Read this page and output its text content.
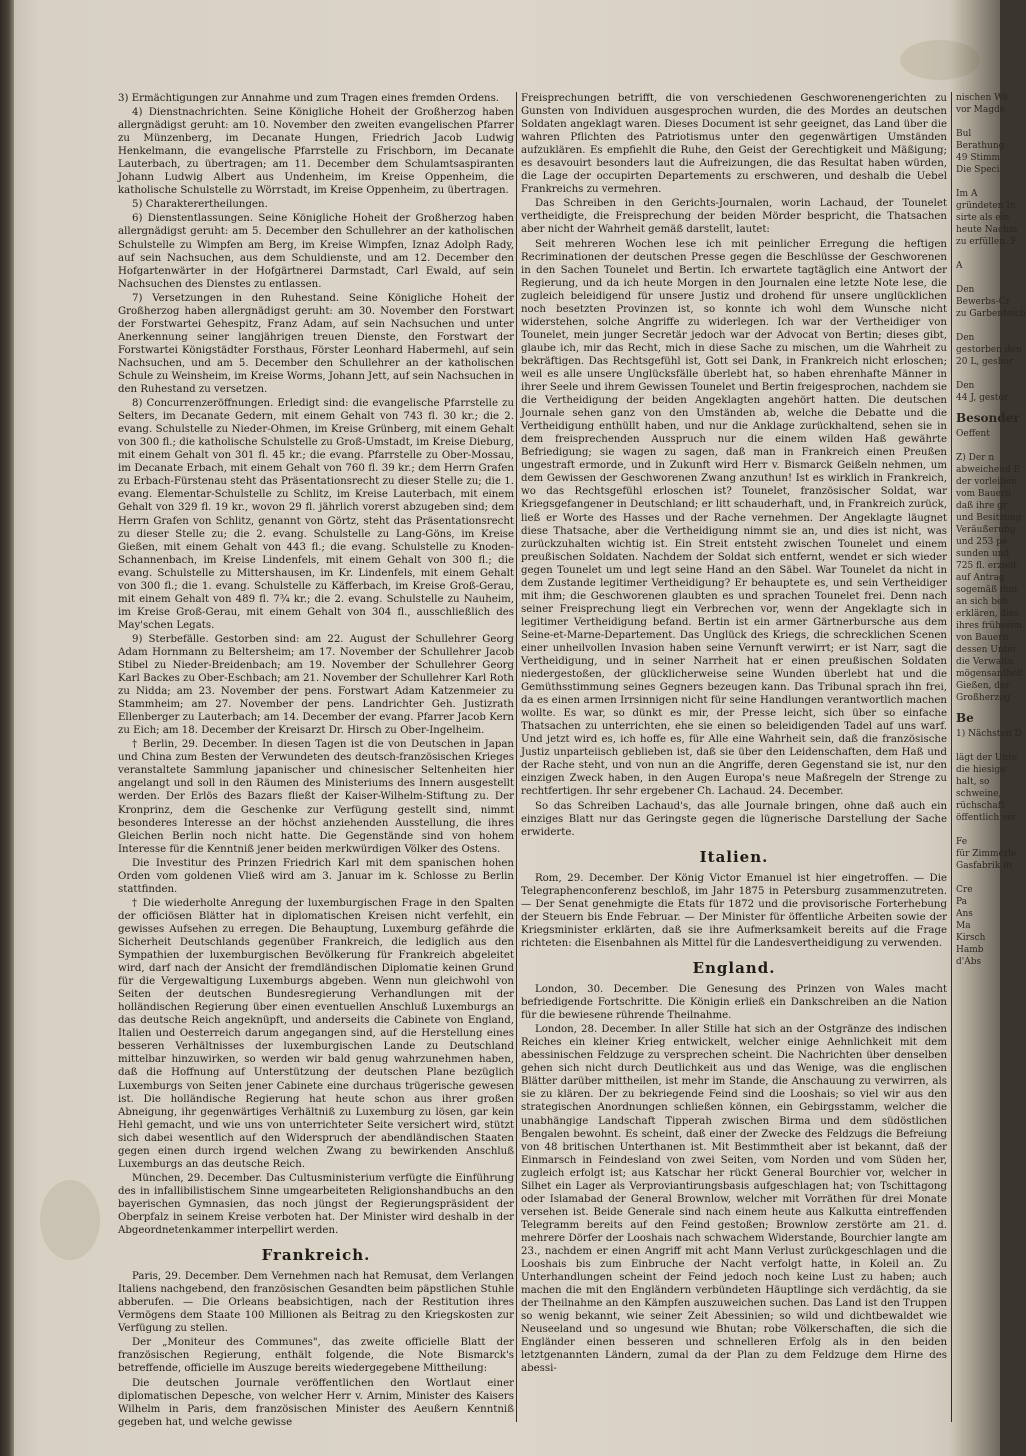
3) Ermächtigungen zur Annahme und zum Tragen eines fremden Ordens.

4) Dienstnachrichten. Seine Königliche Hoheit der Großherzog haben allergnädigst geruht: am 10. November den zweiten evangelischen Pfarrer zu Münzenberg, im Decanate Hungen, Friedrich Jacob Ludwig Henkelmann, die evangelische Pfarrstelle zu Frischborn, im Decanate Lauterbach, zu übertragen; am 11. December dem Schulamtsaspiranten Johann Ludwig Albert aus Undenheim, im Kreise Oppenheim, die katholische Schulstelle zu Wörrstadt, im Kreise Oppenheim, zu übertragen.

5) Charakterertheilungen.

6) Dienstentlassungen. Seine Königliche Hoheit der Großherzog haben allergnädigst geruht: am 5. December den Schullehrer an der katholischen Schulstelle zu Wimpfen am Berg, im Kreise Wimpfen, Iznaz Adolph Rady, auf sein Nachsuchen, aus dem Schuldienste, und am 12. December den Hofgartenwärter in der Hofgärtnerei Darmstadt, Carl Ewald, auf sein Nachsuchen des Dienstes zu entlassen.

7) Versetzungen in den Ruhestand. Seine Königliche Hoheit der Großherzog haben allergnädigst geruht: am 30. November den Forstwart der Forstwartei Gehespitz, Franz Adam, auf sein Nachsuchen und unter Anerkennung seiner langjährigen treuen Dienste, den Forstwart der Forstwartei Königstädter Forsthaus, Förster Leonhard Habermehl, auf sein Nachsuchen, und am 5. December den Schullehrer an der katholischen Schule zu Weinsheim, im Kreise Worms, Johann Jett, auf sein Nachsuchen in den Ruhestand zu versetzen.

8) Concurrenzeröffnungen. Erledigt sind: die evangelische Pfarrstelle zu Selters, im Decanate Gedern, mit einem Gehalt von 743 fl. 30 kr.; die 2. evang. Schulstelle zu Nieder-Ohmen, im Kreise Grünberg, mit einem Gehalt von 300 fl.; die katholische Schulstelle zu Groß-Umstadt, im Kreise Dieburg, mit einem Gehalt von 301 fl. 45 kr.; die evang. Pfarrstelle zu Ober-Mossau, im Decanate Erbach, mit einem Gehalt von 760 fl. 39 kr.; dem Herrn Grafen zu Erbach-Fürstenau steht das Präsentationsrecht zu dieser Stelle zu; die 1. evang. Elementar-Schulstelle zu Schlitz, im Kreise Lauterbach, mit einem Gehalt von 329 fl. 19 kr., wovon 29 fl. jährlich vorerst abzugeben sind; dem Herrn Grafen von Schlitz, genannt von Görtz, steht das Präsentationsrecht zu dieser Stelle zu; die 2. evang. Schulstelle zu Lang-Göns, im Kreise Gießen, mit einem Gehalt von 443 fl.; die evang. Schulstelle zu Knoden-Schannenbach, im Kreise Lindenfels, mit einem Gehalt von 300 fl.; die evang. Schulstelle zu Mittershausen, im Kr. Lindenfels, mit einem Gehalt von 300 fl.; die 1. evang. Schulstelle zu Käfferbach, im Kreise Groß-Gerau, mit einem Gehalt von 489 fl. 7¾ kr.; die 2. evang. Schulstelle zu Nauheim, im Kreise Groß-Gerau, mit einem Gehalt von 304 fl., ausschließlich des May'schen Legats.

9) Sterbefälle. Gestorben sind: am 22. August der Schullehrer Georg Adam Hornmann zu Beltersheim; am 17. November der Schullehrer Jacob Stibel zu Nieder-Breidenbach; am 19. November der Schullehrer Georg Karl Backes zu Ober-Eschbach; am 21. November der Schullehrer Karl Roth zu Nidda; am 23. November der pens. Forstwart Adam Katzenmeier zu Stammheim; am 27. November der pens. Landrichter Geh. Justizrath Ellenberger zu Lauterbach; am 14. December der evang. Pfarrer Jacob Kern zu Eich; am 18. December der Kreisarzt Dr. Hirsch zu Ober-Ingelheim.

† Berlin, 29. December. In diesen Tagen ist die von Deutschen in Japan und China zum Besten der Verwundeten des deutsch-französischen Krieges veranstaltete Sammlung japanischer und chinesischer Seltenheiten hier angelangt und soll in den Räumen des Ministeriums des Innern ausgestellt werden. Der Erlös des Bazars fließt der Kaiser-Wilhelm-Stiftung zu. Der Kronprinz, dem die Geschenke zur Verfügung gestellt sind, nimmt besonderes Interesse an der höchst anziehenden Ausstellung, die ihres Gleichen Berlin noch nicht hatte. Die Gegenstände sind von hohem Interesse für die Kenntniß jener beiden merkwürdigen Völker des Ostens.

Die Investitur des Prinzen Friedrich Karl mit dem spanischen hohen Orden vom goldenen Vließ wird am 3. Januar im k. Schlosse zu Berlin stattfinden.

† Die wiederholte Anregung der luxemburgischen Frage in den Spalten der officiösen Blätter hat in diplomatischen Kreisen nicht verfehlt, ein gewisses Aufsehen zu erregen. Die Behauptung, Luxemburg gefährde die Sicherheit Deutschlands gegenüber Frankreich, die lediglich aus den Sympathien der luxemburgischen Bevölkerung für Frankreich abgeleitet wird, darf nach der Ansicht der fremdländischen Diplomatie keinen Grund für die Vergewaltigung Luxemburgs abgeben. Wenn nun gleichwohl von Seiten der deutschen Bundesregierung Verhandlungen mit der holländischen Regierung über einen eventuellen Anschluß Luxemburgs an das deutsche Reich angeknüpft, und anderseits die Cabinete von England, Italien und Oesterreich darum angegangen sind, auf die Herstellung eines besseren Verhältnisses der luxemburgischen Lande zu Deutschland mittelbar hinzuwirken, so werden wir bald genug wahrzunehmen haben, daß die Hoffnung auf Unterstützung der deutschen Plane bezüglich Luxemburgs von Seiten jener Cabinete eine durchaus trügerische gewesen ist. Die holländische Regierung hat heute schon aus ihrer großen Abneigung, ihr gegenwärtiges Verhältniß zu Luxemburg zu lösen, gar kein Hehl gemacht, und wie uns von unterrichteter Seite versichert wird, stützt sich dabei wesentlich auf den Widerspruch der abendländischen Staaten gegen einen durch irgend welchen Zwang zu bewirkenden Anschluß Luxemburgs an das deutsche Reich.

München, 29. December. Das Cultusministerium verfügte die Einführung des in infallibilistischem Sinne umgearbeiteten Religionshandbuchs an den bayerischen Gymnasien, das noch jüngst der Regierungspräsident der Oberpfalz in seinem Kreise verboten hat. Der Minister wird deshalb in der Abgeordnetenkammer interpellirt werden.

Frankreich.

Paris, 29. December. Dem Vernehmen nach hat Remusat, dem Verlangen Italiens nachgebend, den französischen Gesandten beim päpstlichen Stuhle abberufen. — Die Orleans beabsichtigen, nach der Restitution ihres Vermögens dem Staate 100 Millionen als Beitrag zu den Kriegskosten zur Verfügung zu stellen.

Der „Moniteur des Communes", das zweite officielle Blatt der französischen Regierung, enthält folgende, die Note Bismarck's betreffende, officielle im Auszuge bereits wiedergegebene Mittheilung:

Die deutschen Journale veröffentlichen den Wortlaut einer diplomatischen Depesche, von welcher Herr v. Arnim, Minister des Kaisers Wilhelm in Paris, dem französischen Minister des Aeußern Kenntniß gegeben hat, und welche gewisse

Freisprechungen betrifft, die von verschiedenen Geschworenengerichten zu Gunsten von Individuen ausgesprochen wurden, die des Mordes an deutschen Soldaten angeklagt waren. Dieses Document ist sehr geeignet, das Land über die wahren Pflichten des Patriotismus unter den gegenwärtigen Umständen aufzuklären. Es empfiehlt die Ruhe, den Geist der Gerechtigkeit und Mäßigung; es desavouirt besonders laut die Aufreizungen, die das Resultat haben würden, die Lage der occupirten Departements zu erschweren, und deshalb die Uebel Frankreichs zu vermehren.

Das Schreiben in den Gerichts-Journalen, worin Lachaud, der Tounelet vertheidigte, die Freisprechung der beiden Mörder bespricht, die Thatsachen aber nicht der Wahrheit gemäß darstellt, lautet:

Seit mehreren Wochen lese ich mit peinlicher Erregung die heftigen Recriminationen der deutschen Presse gegen die Beschlüsse der Geschworenen in den Sachen Tounelet und Bertin. Ich erwartete tagtäglich eine Antwort der Regierung, und da ich heute Morgen in den Journalen eine letzte Note lese, die zugleich beleidigend für unsere Justiz und drohend für unsere unglücklichen noch besetzten Provinzen ist, so konnte ich wohl dem Wunsche nicht widerstehen, solche Angriffe zu widerlegen. Ich war der Vertheidiger von Tounelet, mein junger Secretär jedoch war der Advocat von Bertin; dieses gibt, glaube ich, mir das Recht, mich in diese Sache zu mischen, um die Wahrheit zu bekräftigen. Das Rechtsgefühl ist, Gott sei Dank, in Frankreich nicht erloschen; weil es alle unsere Unglücksfälle überlebt hat, so haben ehrenhafte Männer in ihrer Seele und ihrem Gewissen Tounelet und Bertin freigesprochen, nachdem sie die Vertheidigung der beiden Angeklagten angehört hatten. Die deutschen Journale sehen ganz von den Umständen ab, welche die Debatte und die Vertheidigung enthüllt haben, und nur die Anklage zurückhaltend, sehen sie in dem freisprechenden Ausspruch nur die einem wilden Haß gewährte Befriedigung; sie wagen zu sagen, daß man in Frankreich einen Preußen ungestraft ermorde, und in Zukunft wird Herr v. Bismarck Geißeln nehmen, um dem Gewissen der Geschworenen Zwang anzuthun! Ist es wirklich in Frankreich, wo das Rechtsgefühl erloschen ist? Tounelet, französischer Soldat, war Kriegsgefangener in Deutschland; er litt schauderhaft, und, in Frankreich zurück, ließ er Worte des Hasses und der Rache vernehmen. Der Angeklagte läugnet diese Thatsache, aber die Vertheidigung nimmt sie an, und dies ist nicht, was zurückzuhalten wichtig ist. Ein Streit entsteht zwischen Tounelet und einem preußischen Soldaten. Nachdem der Soldat sich entfernt, wendet er sich wieder gegen Tounelet um und legt seine Hand an den Säbel. War Tounelet da nicht in dem Zustande legitimer Vertheidigung? Er behauptete es, und sein Vertheidiger mit ihm; die Geschworenen glaubten es und sprachen Tounelet frei. Denn nach seiner Freisprechung liegt ein Verbrechen vor, wenn der Angeklagte sich in legitimer Vertheidigung befand. Bertin ist ein armer Gärtnerbursche aus dem Seine-et-Marne-Departement. Das Unglück des Kriegs, die schrecklichen Scenen einer unheilvollen Invasion haben seine Vernunft verwirrt; er ist Narr, sagt die Vertheidigung, und in seiner Narrheit hat er einen preußischen Soldaten niedergestoßen, der glücklicherweise seine Wunden überlebt hat und die Gemüthsstimmung seines Gegners bezeugen kann. Das Tribunal sprach ihn frei, da es einen armen Irrsinnigen nicht für seine Handlungen verantwortlich machen wollte. Es war, so dünkt es mir, der Presse leicht, sich über so einfache Thatsachen zu unterrichten, ehe sie einen so beleidigenden Tadel auf uns warf. Und jetzt wird es, ich hoffe es, für Alle eine Wahrheit sein, daß die französische Justiz unparteiisch geblieben ist, daß sie über den Leidenschaften, dem Haß und der Rache steht, und von nun an die Angriffe, deren Gegenstand sie ist, nur den einzigen Zweck haben, in den Augen Europa's neue Maßregeln der Strenge zu rechtfertigen. Ihr sehr ergebener Ch. Lachaud. 24. December.

So das Schreiben Lachaud's, das alle Journale bringen, ohne daß auch ein einziges Blatt nur das Geringste gegen die lügnerische Darstellung der Sache erwiderte.

Italien.

Rom, 29. December. Der König Victor Emanuel ist hier eingetroffen. — Die Telegraphenconferenz beschloß, im Jahr 1875 in Petersburg zusammenzutreten. — Der Senat genehmigte die Etats für 1872 und die provisorische Forterhebung der Steuern bis Ende Februar. — Der Minister für öffentliche Arbeiten sowie der Kriegsminister erklärten, daß sie ihre Aufmerksamkeit bereits auf die Frage richteten: die Eisenbahnen als Mittel für die Landesvertheidigung zu verwenden.

England.

London, 30. December. Die Genesung des Prinzen von Wales macht befriedigende Fortschritte. Die Königin erließ ein Dankschreiben an die Nation für die bewiesene rührende Theilnahme.

London, 28. December. In aller Stille hat sich an der Ostgränze des indischen Reiches ein kleiner Krieg entwickelt, welcher einige Aehnlichkeit mit dem abessinischen Feldzuge zu versprechen scheint. Die Nachrichten über denselben gehen sich nicht durch Deutlichkeit aus und das Wenige, was die englischen Blätter darüber mittheilen, ist mehr im Stande, die Anschauung zu verwirren, als sie zu klären. Der zu bekriegende Feind sind die Looshais; so viel wir aus den strategischen Anordnungen schließen können, ein Gebirgsstamm, welcher die unabhängige Landschaft Tipperah zwischen Birma und dem südöstlichen Bengalen bewohnt. Es scheint, daß einer der Zwecke des Feldzugs die Befreiung von 48 britischen Unterthanen ist. Mit Bestimmtheit aber ist bekannt, daß der Einmarsch in Feindesland von zwei Seiten, vom Norden und vom Süden her, zugleich erfolgt ist; aus Katschar her rückt General Bourchier vor, welcher in Silhet ein Lager als Verproviantirungsbasis aufgeschlagen hat; von Tschittagong oder Islamabad der General Brownlow, welcher mit Vorräthen für drei Monate versehen ist. Beide Generale sind nach einem heute aus Kalkutta eintreffenden Telegramm bereits auf den Feind gestoßen; Brownlow zerstörte am 21. d. mehrere Dörfer der Looshais nach schwachem Widerstande, Bourchier langte am 23., nachdem er einen Angriff mit acht Mann Verlust zurückgeschlagen und die Looshais bis zum Einbruche der Nacht verfolgt hatte, in Koleil an. Zu Unterhandlungen scheint der Feind jedoch noch keine Lust zu haben; auch machen die mit den Engländern verbündeten Häuptlinge sich verdächtig, da sie der Theilnahme an den Kämpfen auszuweichen suchen. Das Land ist den Truppen so wenig bekannt, wie seiner Zeit Abessinien; so wild und dichtbewaldet wie Neuseeland und so ungesund wie Bhutan; robe Völkerschaften, die sich die Engländer einen besseren und schnelleren Erfolg als in den beiden letztgenannten Ländern, zumal da der Plan zu dem Feldzuge dem Hirne des abessi-

nischen We
vor Magde

Bul
Berathung
49 Stimm
Die Speci

Im A
gründeten In
sirte als ein
heute Nachm
zu erfüllen. F

A

Den
Bewerbs-Cr
zu Garbenteich

Den
gestorben den
20 L, geshor

Den
44 J, gestor
Besonder
Oeffent

Z) Der n
abweichend E
der vorleiben
vom Bauern
daß ihre gr
und Besitzung
Veräußerung
und 253 pe
sunden und
725 fl. erzielt
auf Antrag
sogemäß ihm
an sich beh
erklären, dies
ihres früheren
von Bauern
dessen Unter
die Verwaltu
mögensantheil
Gießen, der
Großherzog
Be
1) Nächsten D

lägt der Unte
die hiesige
halt, so
schweine,
rüchschaft
öffentlich ver

Fe
für Zimmerle
Gasfabrik in

Cre
Pa
Ans
Ma
Kirsch
Hamb
d'Abs
